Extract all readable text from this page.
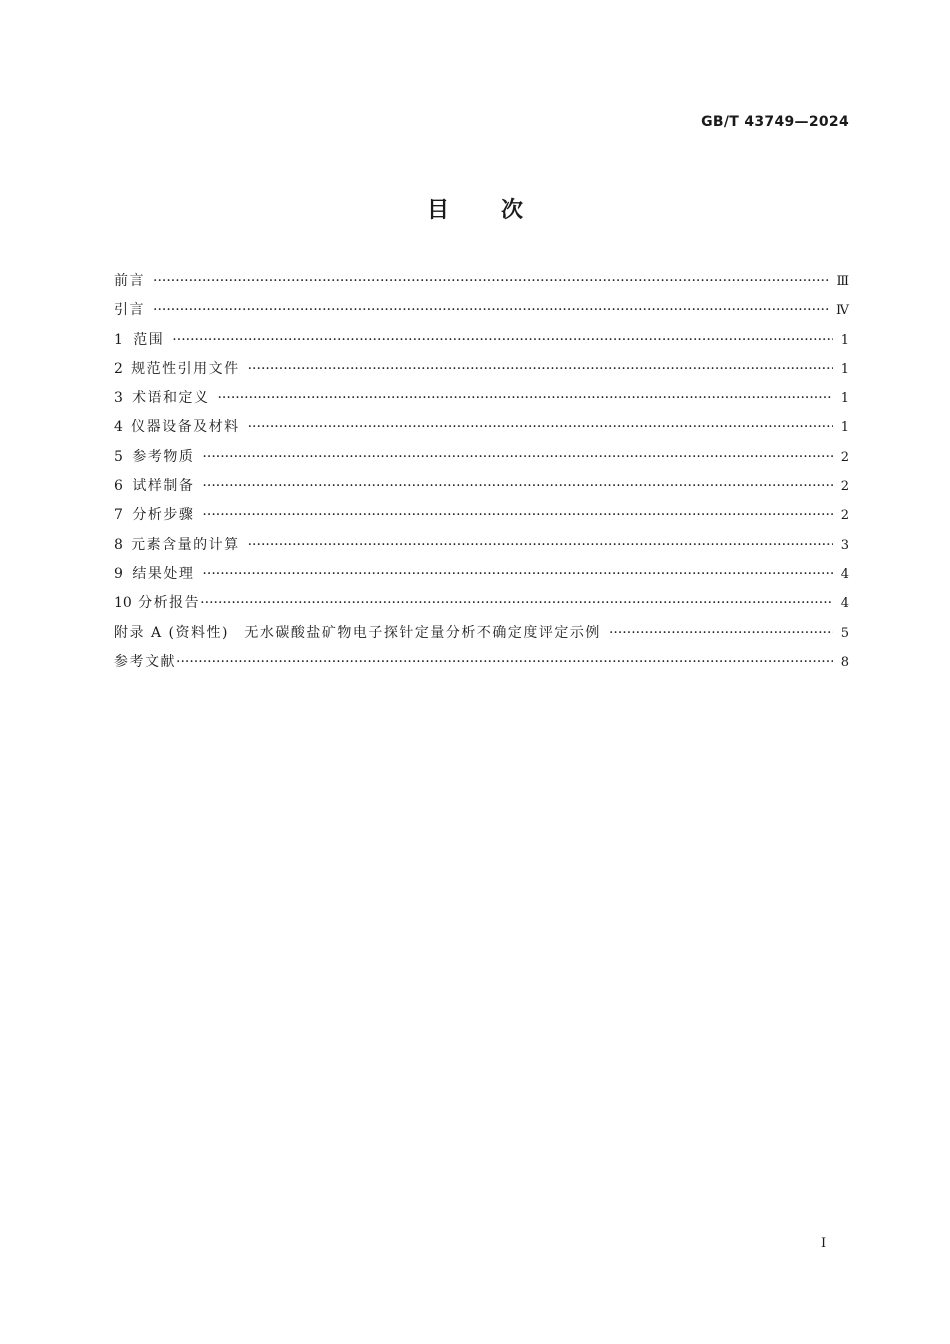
GB/T 43749—2024
目次
前言 ·····	Ⅲ
引言 ·····	Ⅳ
1 范围 ·····	1
2 规范性引用文件 ·····	1
3 术语和定义 ·····	1
4 仪器设备及材料 ·····	1
5 参考物质 ·····	2
6 试样制备 ·····	2
7 分析步骤 ·····	2
8 元素含量的计算 ·····	3
9 结果处理 ·····	4
10 分析报告 ·····	4
附录 A (资料性)　无水碳酸盐矿物电子探针定量分析不确定度评定示例 ·····	5
参考文献 ·····	8
Ⅰ
